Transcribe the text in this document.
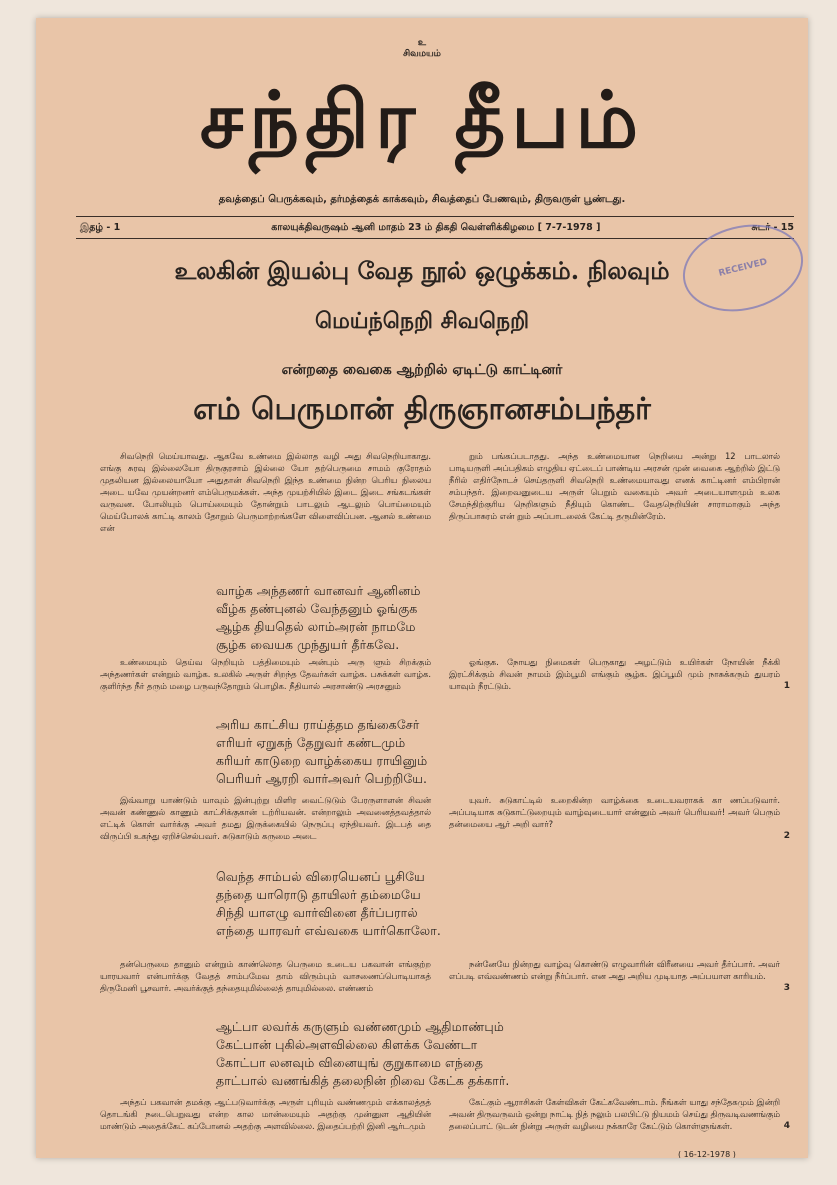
உ
சிவமயம்
சந்திர தீபம்
தவத்தைப் பெருக்கவும், தர்மத்தைக் காக்கவும், சிவத்தைப் பேணவும், திருவருள் பூண்டது.
இதழ் - 1	காலயுக்திவருஷம் ஆனி மாதம் 23 ம் திகதி வெள்ளிக்கிழமை [ 7-7-1978 ]	சுடர் - 15
RECEIVED
உலகின் இயல்பு வேத நூல் ஒழுக்கம். நிலவும்
மெய்ந்நெறி சிவநெறி
என்றதை வைகை ஆற்றில் ஏடிட்டு காட்டினர்
எம் பெருமான் திருஞானசம்பந்தர்

சிவநெறி மெய்யாவது. ஆகவே உண்மை இல்லாத வழி அது சிவநெறியாகாது. எங்கு சுரவு இல்லையோ திருகுரசாம் இல்லை யோ தற்பெருமை சாமம் குரோதம் முதலியன இல்லையாயோ அதுதான் சிவநெறி இந்த உண்மை நின்ற பெரிய நிலைய அடை யவே முயன்றனர் எம்பெருமக்கள். அந்த முயற்சியில் இடை இடை சங்கடங்கள் வருவன. போலியும் பொய்மையும் தோன்றும் பாடலும் ஆடலும் பொய்மையும் மெய்போலக் காட்டி காலம் தோறும் பெருமாற்றங்களே விளைவிப்பன. ஆனல் உண்மை என்

றும் பங்கப்படாதது. அந்த உண்மையான நெறியை அன்று 12 பாடலால் பாடியருளி அப்பதிகம் எழுதிய ஏட்டைப் பாண்டிய அரசன் முன் வைகை ஆற்றில் இட்டு நீரில் எதிர்நோடச் செய்தருளி சிவநெறி உண்மையாவது எனக் காட்டினர் எம்பிரான் சம்பந்தர். இறைவனுடைய அருள் பெறும் வகையும் அவர் அடையாளமும் உலக சேமந்திற்குரிய நெறிகளும் நீதியும் கொண்ட வேதநெறியின் சாராமாகும் அந்த திருப்பாசுரம் என் றும் அப்பாடலைக் கேட்டி தருமின்ரேம்.

வாழ்க அந்தணர் வானவர் ஆனினம்
வீழ்க தண்புனல் வேந்தனும் ஓங்குக
ஆழ்க தியதெல் லாம்அரன் நாமமே
சூழ்க வையக முந்துயர் தீர்கவே.

உண்மையும் தெய்வ நெறியும் பத்திமையும் அன்பும் அரு ளும் சிறக்கும் அந்தணர்கள் என்றும் வாழ்க. உலகில் அருள் சிறந்த தேவர்கள் வாழ்க. பசுக்கள் வாழ்க. குளிர்ந்த நீர் தரும் மழை பருவந்தோறும் பொழிக. நீதியால் அரசாண்டு அரசனும்

ஓங்குக. நோயது நிமைகள் பெருகாது அழட்டும் உயிர்கள் நோயின் நீக்கி இரட்சிக்கும் சிவன் நாமம் இம்பூமி எங்கும் சூழ்க. இப்பூமி மும் நாசுக்கரும் துயரம் யாவும் நீரட்டும்.	1
அரிய காட்சிய ராய்த்தம தங்கைசேர்
எரியர் ஏறுகந் தேறுவர் கண்டமும்
கரியர் காடுறை வாழ்க்கைய ராயினும்
பெரியர் ஆரறி வார்அவர் பெற்றியே.

இவ்வாறு யாண்டும் யாவும் இன்புற்று மிளிர வைட்டுடும் பேரருளாளன் சிவன் அவன் கண்ணுல் காணும் காட்சிக்குகான் டற்ரியவன். என்றாலும் அவனைத்தவத்தால் எட்டிக் கொள் வார்க்கு அவர் தமது இருக்கையில் நெருப்பு ஏந்தியவர். இடபத் தை விருப்பி உகந்து ஏறிச்செல்பவர். சுடுகாடும் கருமை அடை

யுவர். சுடுகாட்டில் உறைகின்ற வாழ்க்கை உடையவராகக் கா ணப்படுவார். அப்படியாக சுடுகாட்டுறையும் வாழ்வுடையார் என்னும் அவர் பெரியவர்! அவர் பெரும் தன்மையை ஆர் அறி வார்?

2
வெந்த சாம்பல் விரையெனப் பூசியே
தந்தை யாரொடு தாயிலர் தம்மையே
சிந்தி யாஎழு வார்வினை தீர்ப்பரால்
எந்தை யாரவர் எவ்வகை யார்கொலோ.

தன்பெருமை தானும் என்றும் காண்லொத பெருமை உடைய பகவான் எங்குற்ற யாரயவார் என்பார்க்கு வேதத் சாம்பமேவ தாம் விரும்பும் வாசணைப்பொடியாகத் திருமேனி பூசவார். அவர்க்குத் தந்தையுமில்லைத் தாயுமில்லை. எண்ணம்

நன்னேயே நின்றது வாழ்வு கொண்டு எழுவாரின் விரீனயை அவர் தீர்ப்பார். அவர் எப்படி எவ்வண்ணம் என்று நீர்ப்பார். என அது அறிய முடியாத அப்பயாள காரியம்.

3
ஆட்பா லவர்க் கருளும் வண்ணமும் ஆதிமாண்பும்
கேட்பான் புகில்அளவில்லை கிளக்க வேண்டா
கோட்பா லனவும் வினையுங் குறுகாமை எந்தை
தாட்பால் வணங்கித் தலைநின் றிவை கேட்க தக்கார்.

அந்தப் பகவான் தமக்கு ஆட்படுவார்க்கு அருள் புரியும் வண்ணமும் எக்காலத்தத் தொடங்கி நடைபெறுவது என்ற கால மான்மையும் அதற்கு முன்னுள ஆதியின் மாண்டும் அதைக்கேட் கப்போனல் அதற்கு அளவில்லை. இதைப்பற்றி இனி ஆர்டமும்

கேட்கும் ஆராசிகள் கேள்விகள் கேட்கவேண்டாம். நீங்கள் யாது சந்தேகமும் இன்றி அவன் திருவருவம் ஒன்று நாட்டி நித் நலும் பலபிட்டு நியமம் செய்து திருவடிவணங்கும் தலைப்பாட் டுடன் நின்று அருள் வழியை நக்காரே கேட்டும் கொள்ளுங்கள்.	4
( 16-12-1978 )
